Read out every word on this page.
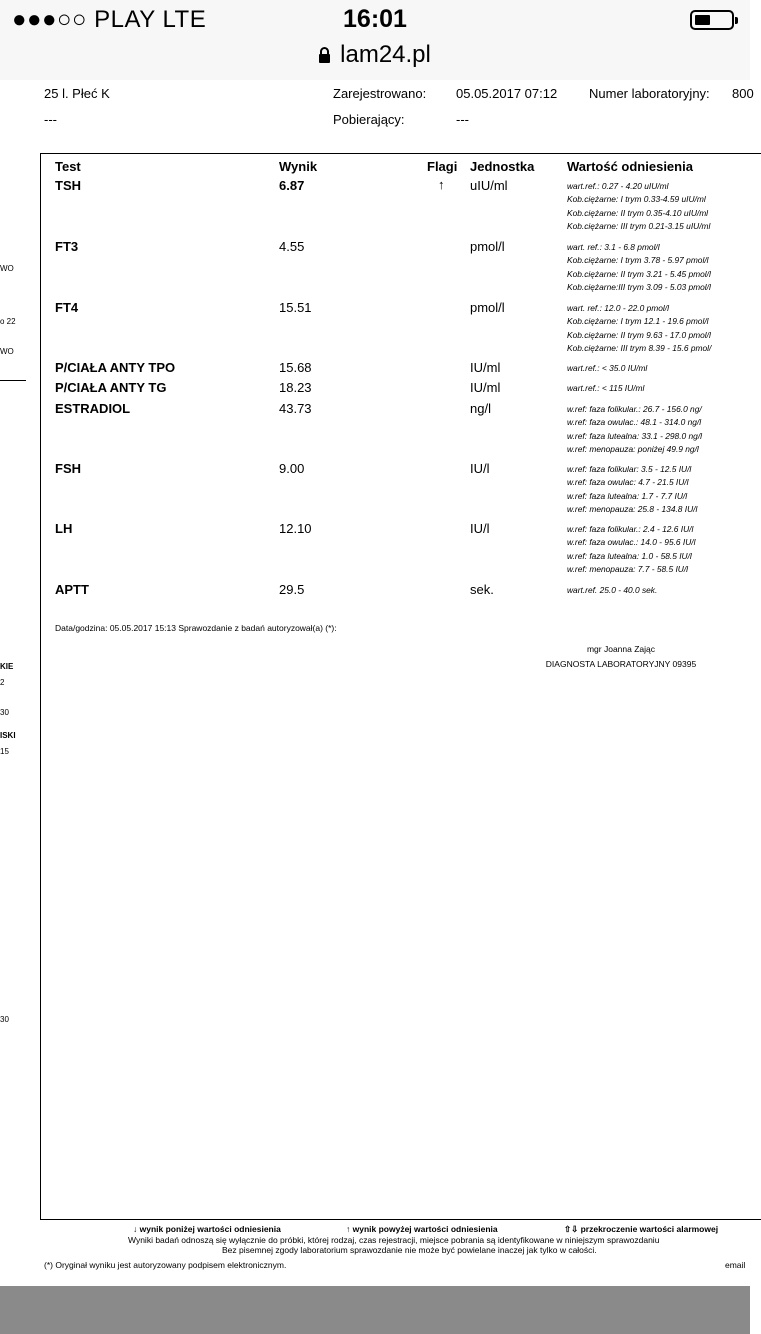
●●●○○ PLAY LTE	16:01
lam24.pl
25 l. Płeć K
---
Zarejestrowano: 05.05.2017 07:12 Numer laboratoryjny: 800
Pobierający:	---
WO
o 22
WO
KIE
2
30
ISKI
15
30
Test	Wynik	Flagi Jednostka	Wartość odniesienia
TSH	6.87	↑ uIU/ml	wart.ref.: 0.27 - 4.20 uIU/ml
Kob.ciężarne: I trym 0.33-4.59 uIU/ml
Kob.ciężarne: II trym 0.35-4.10 uIU/ml
Kob.ciężarne: III trym 0.21-3.15 uIU/ml
FT3	4.55	pmol/l	wart. ref.: 3.1 - 6.8 pmol/l
Kob.ciężarne: I trym 3.78 - 5.97 pmol/l
Kob.ciężarne: II trym 3.21 - 5.45 pmol/l
Kob.ciężarne:III trym 3.09 - 5.03 pmol/l
FT4	15.51	pmol/l	wart. ref.: 12.0 - 22.0 pmol/l
Kob.ciężarne: I trym 12.1 - 19.6 pmol/l
Kob.ciężarne: II trym 9.63 - 17.0 pmol/l
Kob.ciężarne: III trym 8.39 - 15.6 pmol/
P/CIAŁA ANTY TPO	15.68	IU/ml	wart.ref.: < 35.0 IU/ml
P/CIAŁA ANTY TG	18.23	IU/ml	wart.ref.: < 115 IU/ml
ESTRADIOL	43.73	ng/l	w.ref: faza folikular.: 26.7 - 156.0 ng/
w.ref: faza owulac.: 48.1 - 314.0 ng/l
w.ref: faza lutealna: 33.1 - 298.0 ng/l
w.ref: menopauza: poniżej 49.9 ng/l
FSH	9.00	IU/l	w.ref: faza folikular: 3.5 - 12.5 IU/l
w.ref: faza owulac: 4.7 - 21.5 IU/l
w.ref: faza lutealna: 1.7 - 7.7 IU/l
w.ref: menopauza: 25.8 - 134.8 IU/l
LH	12.10	IU/l	w.ref: faza folikular.: 2.4 - 12.6 IU/l
w.ref: faza owulac.: 14.0 - 95.6 IU/l
w.ref: faza lutealna: 1.0 - 58.5 IU/l
w.ref: menopauza: 7.7 - 58.5 IU/l
APTT	29.5	sek.	wart.ref. 25.0 - 40.0 sek.
Data/godzina: 05.05.2017 15:13 Sprawozdanie z badań autoryzował(a) (*):
mgr Joanna Zając
DIAGNOSTA LABORATORYJNY 09395
↓ wynik poniżej wartości odniesienia	↑ wynik powyżej wartości odniesienia	⇧⇩ przekroczenie wartości alarmowej
Wyniki badań odnoszą się wyłącznie do próbki, której rodzaj, czas rejestracji, miejsce pobrania są identyfikowane w niniejszym sprawozdaniu
Bez pisemnej zgody laboratorium sprawozdanie nie może być powielane inaczej jak tylko w całości.
(*) Oryginał wyniku jest autoryzowany podpisem elektronicznym.	email
